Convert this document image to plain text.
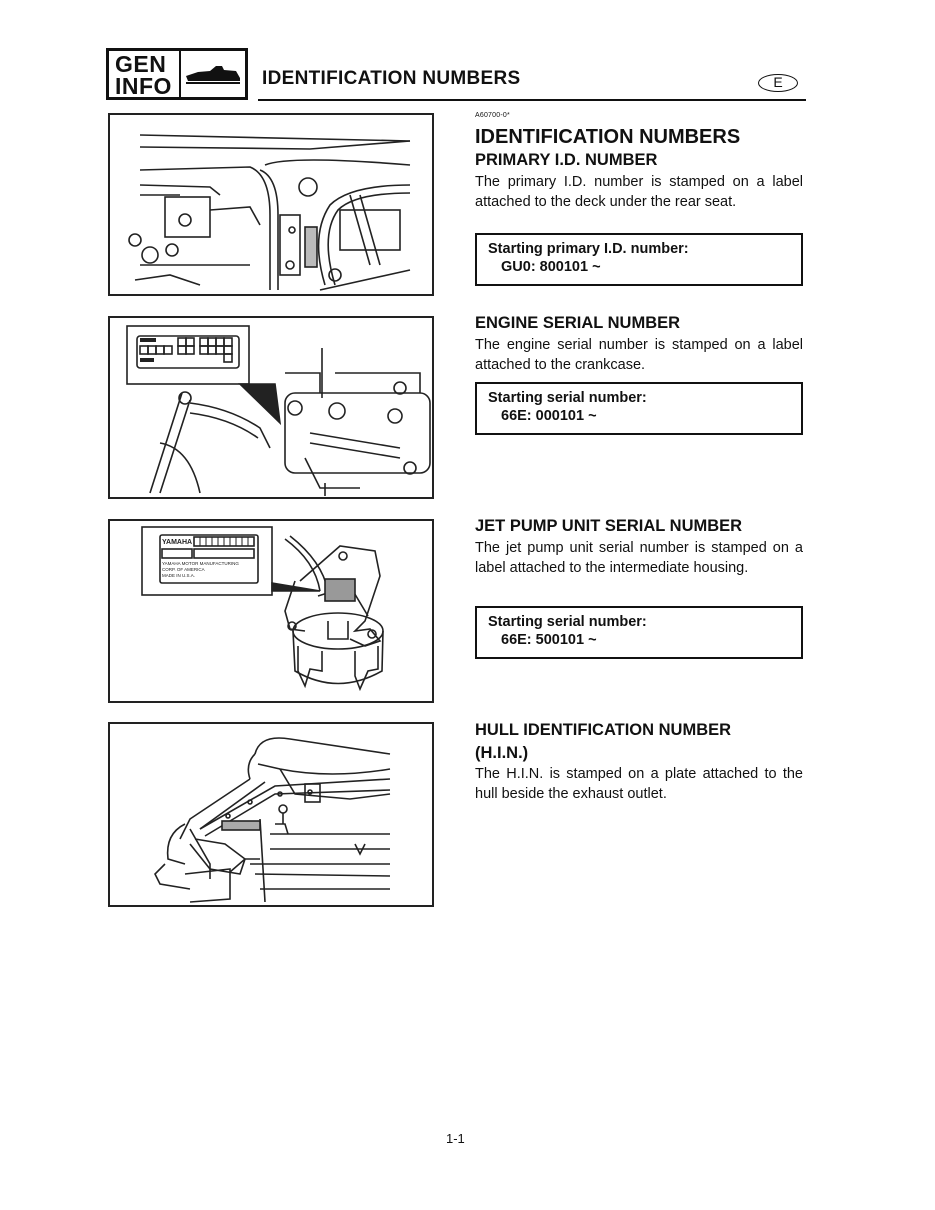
GEN
INFO	IDENTIFICATION NUMBERS	E
YAMAHA
YAMAHA MOTOR MANUFACTURING
CORP. OF AMERICA
MADE IN U.S.A.
A60700-0*
IDENTIFICATION NUMBERS
PRIMARY I.D. NUMBER
The primary I.D. number is stamped on a label attached to the deck under the rear seat.
Starting primary I.D. number:
GU0: 800101 ~
ENGINE SERIAL NUMBER
The engine serial number is stamped on a label attached to the crankcase.
Starting serial number:
66E: 000101 ~
JET PUMP UNIT SERIAL NUMBER
The jet pump unit serial number is stamped on a label attached to the intermediate housing.
Starting serial number:
66E: 500101 ~
HULL IDENTIFICATION NUMBER (H.I.N.)
The H.I.N. is stamped on a plate attached to the hull beside the exhaust outlet.
1-1
